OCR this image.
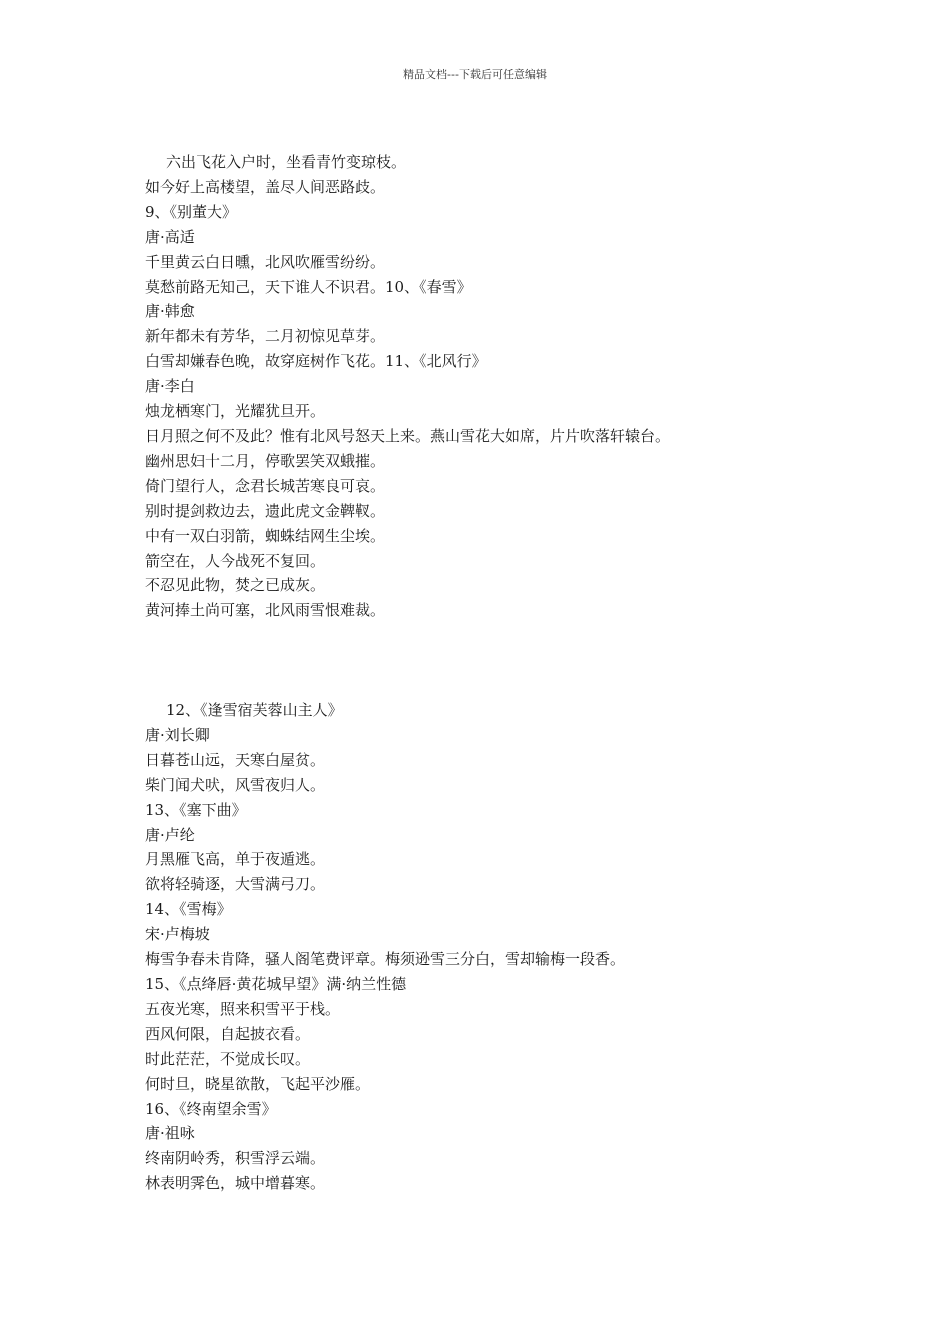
精品文档---下载后可任意编辑
六出飞花入户时，坐看青竹变琼枝。
如今好上高楼望，盖尽人间恶路歧。
9、《别董大》
唐·高适
千里黄云白日曛，北风吹雁雪纷纷。
莫愁前路无知己，天下谁人不识君。10、《春雪》
唐·韩愈
新年都未有芳华，二月初惊见草芽。
白雪却嫌春色晚，故穿庭树作飞花。11、《北风行》
唐·李白
烛龙栖寒门，光耀犹旦开。
日月照之何不及此？惟有北风号怒天上来。燕山雪花大如席，片片吹落轩辕台。
幽州思妇十二月，停歌罢笑双蛾摧。
倚门望行人，念君长城苦寒良可哀。
别时提剑救边去，遗此虎文金鞞靫。
中有一双白羽箭，蜘蛛结网生尘埃。
箭空在，人今战死不复回。
不忍见此物，焚之已成灰。
黄河捧土尚可塞，北风雨雪恨难裁。
12、《逢雪宿芙蓉山主人》
唐·刘长卿
日暮苍山远，天寒白屋贫。
柴门闻犬吠，风雪夜归人。
13、《塞下曲》
唐·卢纶
月黑雁飞高，单于夜遁逃。
欲将轻骑逐，大雪满弓刀。
14、《雪梅》
宋·卢梅坡
梅雪争春未肯降，骚人阁笔费评章。梅须逊雪三分白，雪却输梅一段香。
15、《点绛唇·黄花城早望》满·纳兰性德
五夜光寒，照来积雪平于栈。
西风何限，自起披衣看。
时此茫茫，不觉成长叹。
何时旦，晓星欲散，飞起平沙雁。
16、《终南望余雪》
唐·祖咏
终南阴岭秀，积雪浮云端。
林表明霁色，城中增暮寒。
